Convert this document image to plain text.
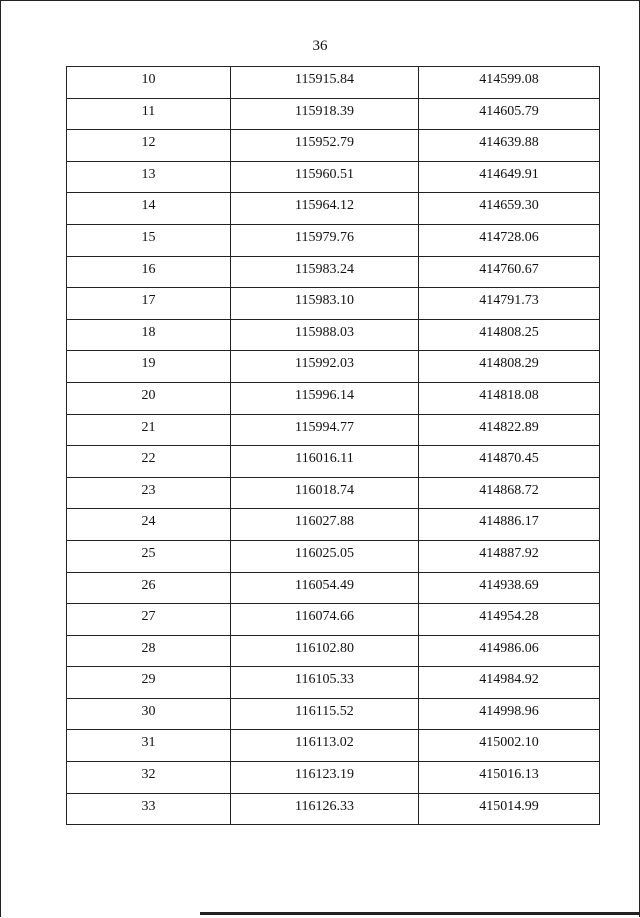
36
10	115915.84	414599.08
11	115918.39	414605.79
12	115952.79	414639.88
13	115960.51	414649.91
14	115964.12	414659.30
15	115979.76	414728.06
16	115983.24	414760.67
17	115983.10	414791.73
18	115988.03	414808.25
19	115992.03	414808.29
20	115996.14	414818.08
21	115994.77	414822.89
22	116016.11	414870.45
23	116018.74	414868.72
24	116027.88	414886.17
25	116025.05	414887.92
26	116054.49	414938.69
27	116074.66	414954.28
28	116102.80	414986.06
29	116105.33	414984.92
30	116115.52	414998.96
31	116113.02	415002.10
32	116123.19	415016.13
33	116126.33	415014.99
